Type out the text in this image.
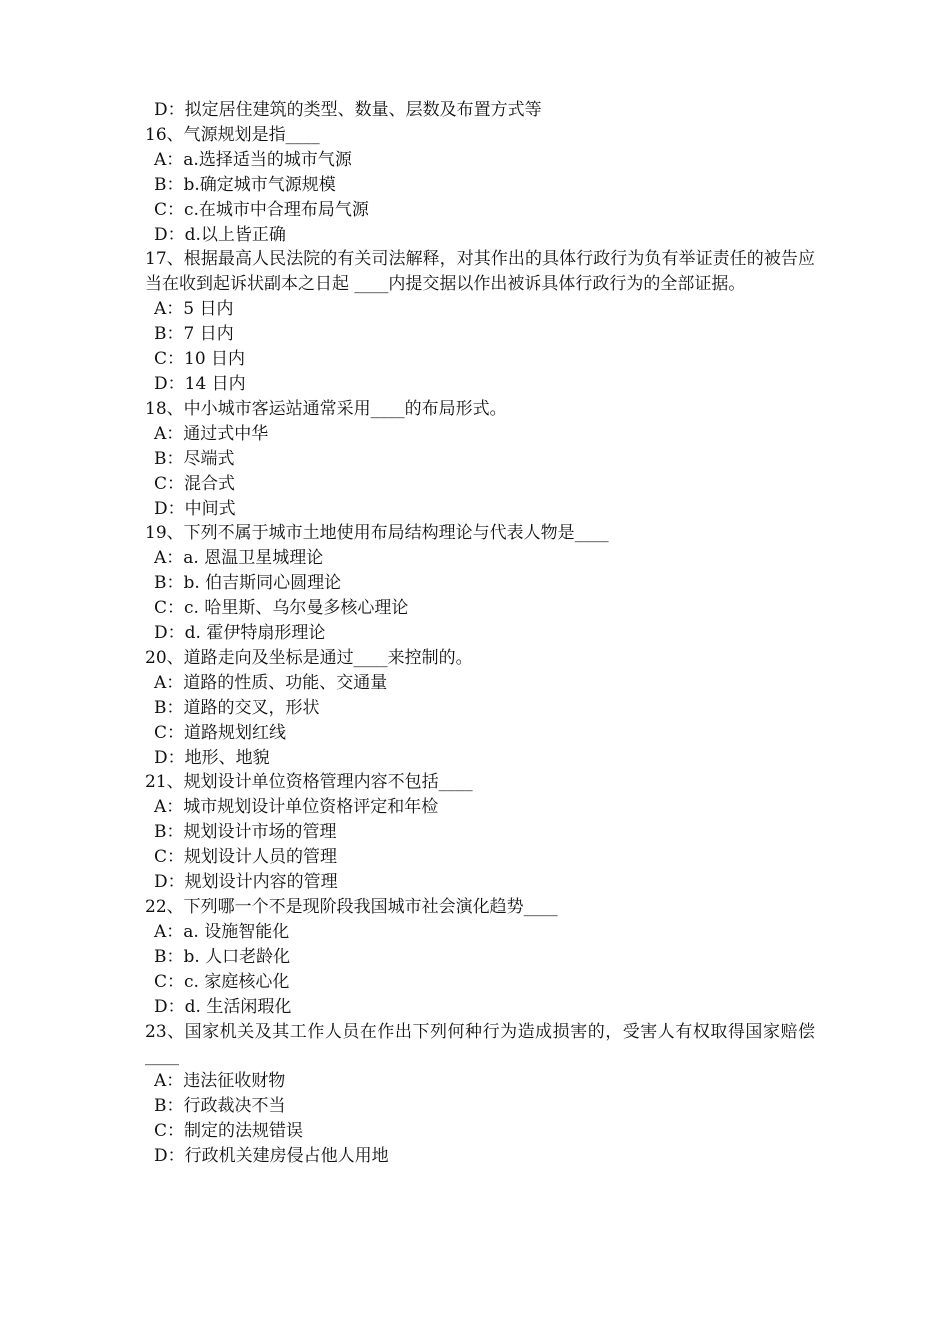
D：拟定居住建筑的类型、数量、层数及布置方式等
16、气源规划是指____
A：a.选择适当的城市气源
B：b.确定城市气源规模
C：c.在城市中合理布局气源
D：d.以上皆正确
17、根据最高人民法院的有关司法解释，对其作出的具体行政行为负有举证责任的被告应当在收到起诉状副本之日起 ____内提交据以作出被诉具体行政行为的全部证据。
A：5 日内
B：7 日内
C：10 日内
D：14 日内
18、中小城市客运站通常采用____的布局形式。
A：通过式中华
B：尽端式
C：混合式
D：中间式
19、下列不属于城市土地使用布局结构理论与代表人物是____
A：a. 恩温卫星城理论
B：b. 伯吉斯同心圆理论
C：c. 哈里斯、乌尔曼多核心理论
D：d. 霍伊特扇形理论
20、道路走向及坐标是通过____来控制的。
A：道路的性质、功能、交通量
B：道路的交叉，形状
C：道路规划红线
D：地形、地貌
21、规划设计单位资格管理内容不包括____
A：城市规划设计单位资格评定和年检
B：规划设计市场的管理
C：规划设计人员的管理
D：规划设计内容的管理
22、下列哪一个不是现阶段我国城市社会演化趋势____
A：a. 设施智能化
B：b. 人口老龄化
C：c. 家庭核心化
D：d. 生活闲瑕化
23、国家机关及其工作人员在作出下列何种行为造成损害的，受害人有权取得国家赔偿____
A：违法征收财物
B：行政裁决不当
C：制定的法规错误
D：行政机关建房侵占他人用地
